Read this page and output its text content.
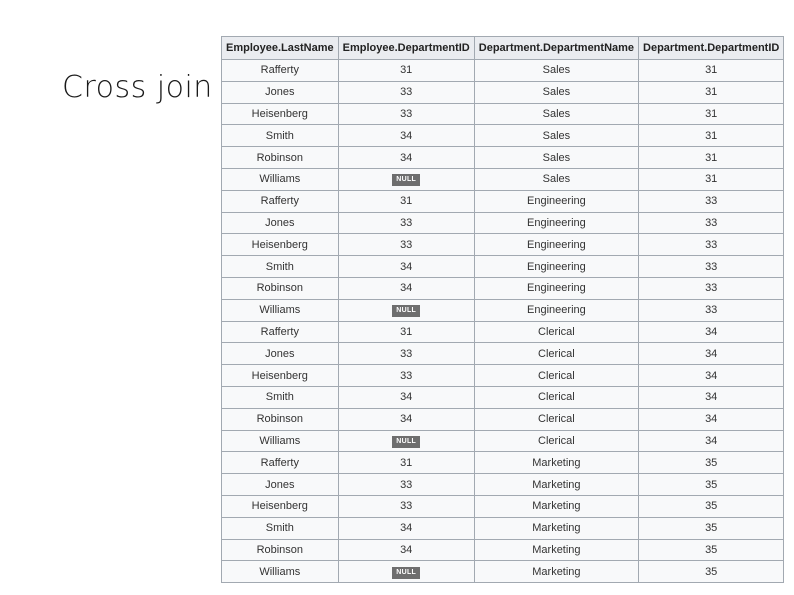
Cross join
Employee.LastName	Employee.DepartmentID	Department.DepartmentName	Department.DepartmentID
Rafferty	31	Sales	31
Jones	33	Sales	31
Heisenberg	33	Sales	31
Smith	34	Sales	31
Robinson	34	Sales	31
Williams	NULL	Sales	31
Rafferty	31	Engineering	33
Jones	33	Engineering	33
Heisenberg	33	Engineering	33
Smith	34	Engineering	33
Robinson	34	Engineering	33
Williams	NULL	Engineering	33
Rafferty	31	Clerical	34
Jones	33	Clerical	34
Heisenberg	33	Clerical	34
Smith	34	Clerical	34
Robinson	34	Clerical	34
Williams	NULL	Clerical	34
Rafferty	31	Marketing	35
Jones	33	Marketing	35
Heisenberg	33	Marketing	35
Smith	34	Marketing	35
Robinson	34	Marketing	35
Williams	NULL	Marketing	35
